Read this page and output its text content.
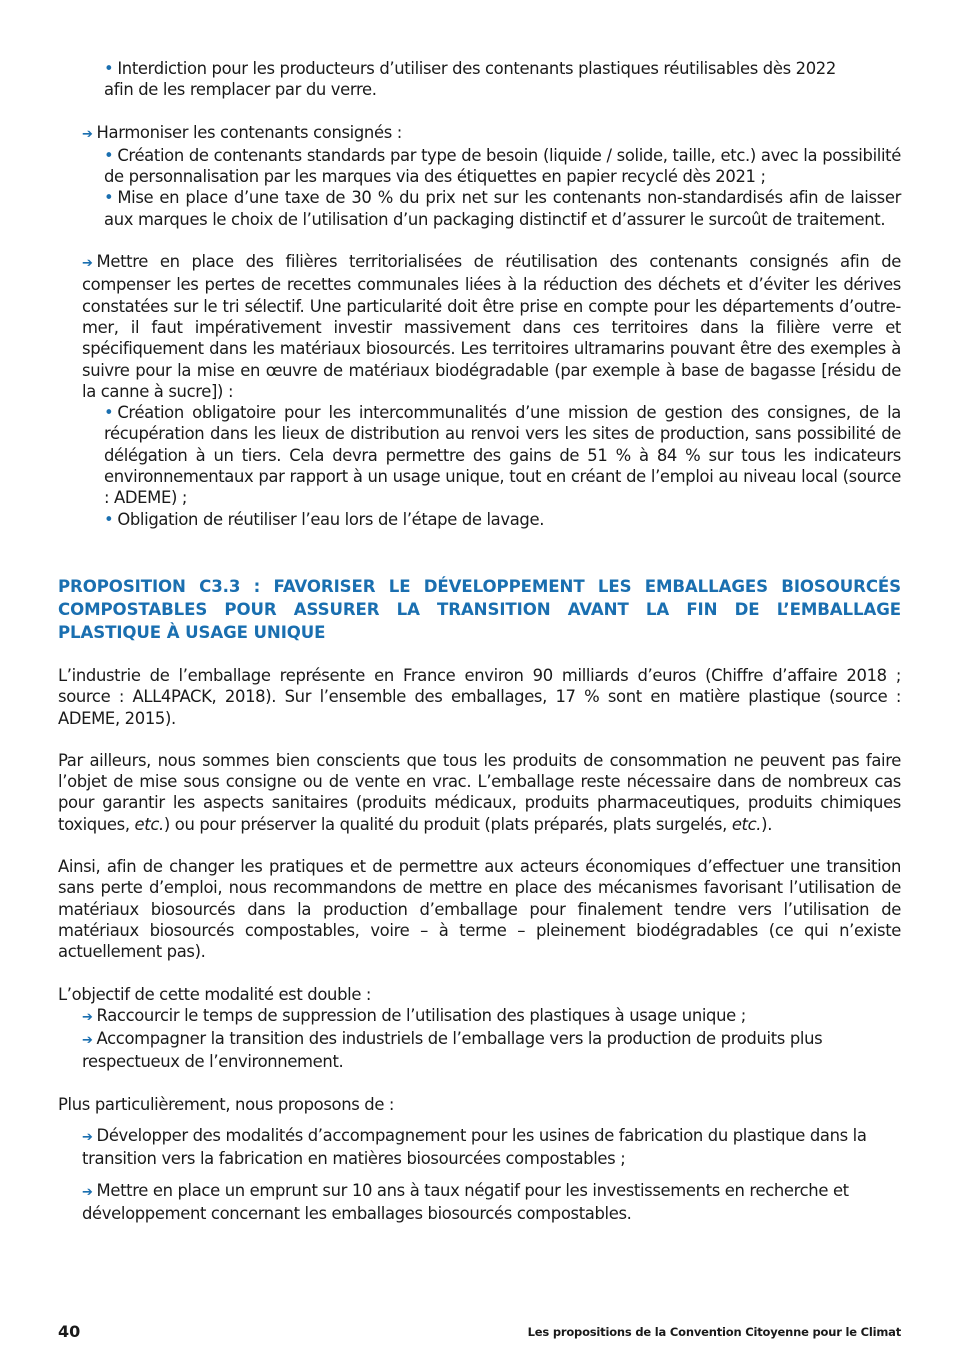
• Interdiction pour les producteurs d’utiliser des contenants plastiques réutilisables dès 2022
afin de les remplacer par du verre.

➔ Harmoniser les contenants consignés :

• Création de contenants standards par type de besoin (liquide / solide, taille, etc.) avec la possibilité de personnalisation par les marques via des étiquettes en papier recyclé dès 2021 ;

• Mise en place d’une taxe de 30 % du prix net sur les contenants non-standardisés afin de laisser aux marques le choix de l’utilisation d’un packaging distinctif et d’assurer le surcoût de traitement.

➔ Mettre en place des filières territorialisées de réutilisation des contenants consignés afin de compenser les pertes de recettes communales liées à la réduction des déchets et d’éviter les dérives constatées sur le tri sélectif. Une particularité doit être prise en compte pour les départements d’outre-mer, il faut impérativement investir massivement dans ces territoires dans la filière verre et spécifiquement dans les matériaux biosourcés. Les territoires ultramarins pouvant être des exemples à suivre pour la mise en œuvre de matériaux biodégradable (par exemple à base de bagasse [résidu de la canne à sucre]) :

• Création obligatoire pour les intercommunalités d’une mission de gestion des consignes, de la récupération dans les lieux de distribution au renvoi vers les sites de production, sans possibilité de délégation à un tiers. Cela devra permettre des gains de 51 % à 84 % sur tous les indicateurs environnementaux par rapport à un usage unique, tout en créant de l’emploi au niveau local (source : ADEME) ;

• Obligation de réutiliser l’eau lors de l’étape de lavage.

PROPOSITION C3.3 : FAVORISER LE DÉVELOPPEMENT LES EMBALLAGES BIOSOURCÉS COMPOSTABLES POUR ASSURER LA TRANSITION AVANT LA FIN DE L’EMBALLAGE PLASTIQUE À USAGE UNIQUE

L’industrie de l’emballage représente en France environ 90 milliards d’euros (Chiffre d’affaire 2018 ; source : ALL4PACK, 2018). Sur l’ensemble des emballages, 17 % sont en matière plastique (source : ADEME, 2015).

Par ailleurs, nous sommes bien conscients que tous les produits de consommation ne peuvent pas faire l’objet de mise sous consigne ou de vente en vrac. L’emballage reste nécessaire dans de nombreux cas pour garantir les aspects sanitaires (produits médicaux, produits pharmaceutiques, produits chimiques toxiques, etc.) ou pour préserver la qualité du produit (plats préparés, plats surgelés, etc.).

Ainsi, afin de changer les pratiques et de permettre aux acteurs économiques d’effectuer une transition sans perte d’emploi, nous recommandons de mettre en place des mécanismes favorisant l’utilisation de matériaux biosourcés dans la production d’emballage pour finalement tendre vers l’utilisation de matériaux biosourcés compostables, voire – à terme – pleinement biodégradables (ce qui n’existe actuellement pas).

L’objectif de cette modalité est double :

➔ Raccourcir le temps de suppression de l’utilisation des plastiques à usage unique ;

➔ Accompagner la transition des industriels de l’emballage vers la production de produits plus respectueux de l’environnement.

Plus particulièrement, nous proposons de :

➔ Développer des modalités d’accompagnement pour les usines de fabrication du plastique dans la transition vers la fabrication en matières biosourcées compostables ;

➔ Mettre en place un emprunt sur 10 ans à taux négatif pour les investissements en recherche et développement concernant les emballages biosourcés compostables.

40	Les propositions de la Convention Citoyenne pour le Climat
